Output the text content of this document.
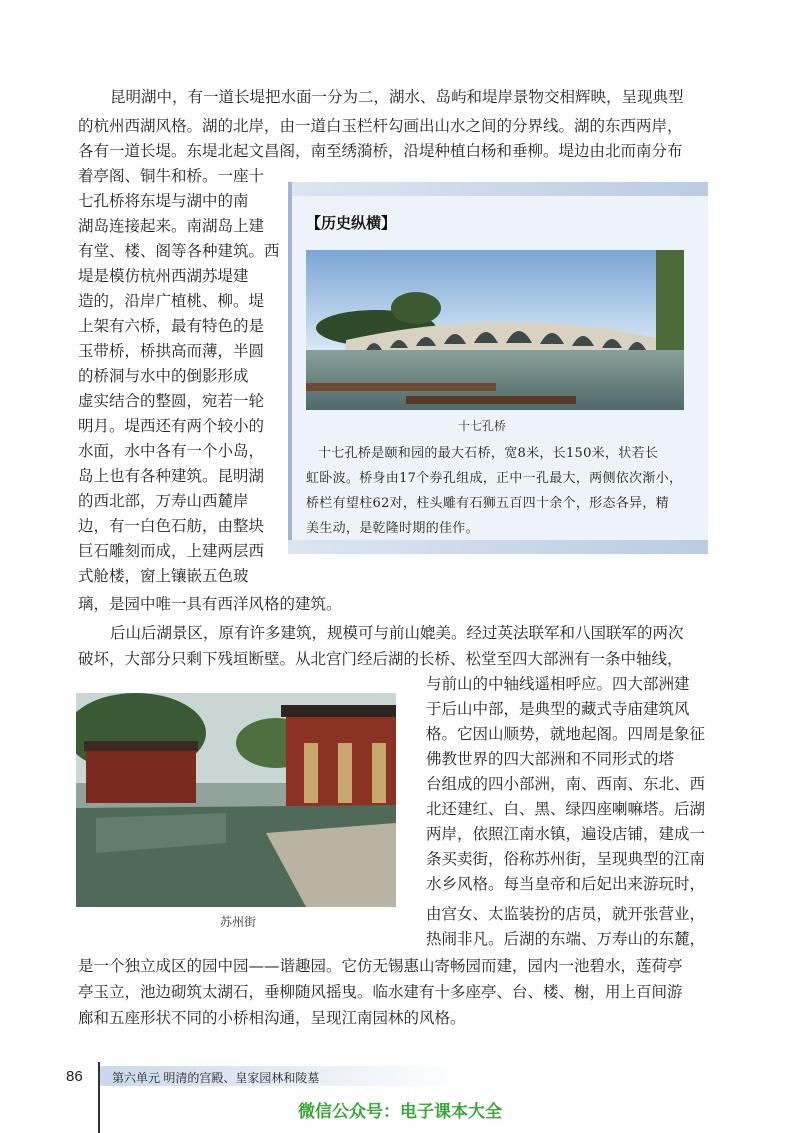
昆明湖中，有一道长堤把水面一分为二，湖水、岛屿和堤岸景物交相辉映，呈现典型
的杭州西湖风格。湖的北岸，由一道白玉栏杆勾画出山水之间的分界线。湖的东西两岸，
各有一道长堤。东堤北起文昌阁，南至绣漪桥，沿堤种植白杨和垂柳。堤边由北而南分布
着亭阁、铜牛和桥。一座十
七孔桥将东堤与湖中的南
湖岛连接起来。南湖岛上建
有堂、楼、阁等各种建筑。西
堤是模仿杭州西湖苏堤建
造的，沿岸广植桃、柳。堤
上架有六桥，最有特色的是
玉带桥，桥拱高而薄，半圆
的桥洞与水中的倒影形成
虚实结合的整圆，宛若一轮
明月。堤西还有两个较小的
水面，水中各有一个小岛，
岛上也有各种建筑。昆明湖
的西北部，万寿山西麓岸
边，有一白色石舫，由整块
巨石雕刻而成，上建两层西
式舱楼，窗上镶嵌五色玻
璃，是园中唯一具有西洋风格的建筑。
【历史纵横】
十七孔桥
十七孔桥是颐和园的最大石桥，宽8米，长150米，状若长
虹卧波。桥身由17个券孔组成，正中一孔最大，两侧依次渐小，
桥栏有望柱62对，柱头雕有石狮五百四十余个，形态各异，精
美生动，是乾隆时期的佳作。
后山后湖景区，原有许多建筑，规模可与前山媲美。经过英法联军和八国联军的两次
破坏，大部分只剩下残垣断壁。从北宫门经后湖的长桥、松堂至四大部洲有一条中轴线，
苏州街
与前山的中轴线遥相呼应。四大部洲建
于后山中部，是典型的藏式寺庙建筑风
格。它因山顺势，就地起阁。四周是象征
佛教世界的四大部洲和不同形式的塔
台组成的四小部洲，南、西南、东北、西
北还建红、白、黑、绿四座喇嘛塔。后湖
两岸，依照江南水镇，遍设店铺，建成一
条买卖街，俗称苏州街，呈现典型的江南
水乡风格。每当皇帝和后妃出来游玩时，
由宫女、太监装扮的店员，就开张营业，
热闹非凡。后湖的东端、万寿山的东麓，
是一个独立成区的园中园——谐趣园。它仿无锡惠山寄畅园而建，园内一池碧水，莲荷亭
亭玉立，池边砌筑太湖石，垂柳随风摇曳。临水建有十多座亭、台、楼、榭，用上百间游
廊和五座形状不同的小桥相沟通，呈现江南园林的风格。
86 第六单元 明清的宫殿、皇家园林和陵墓
微信公众号：电子课本大全
